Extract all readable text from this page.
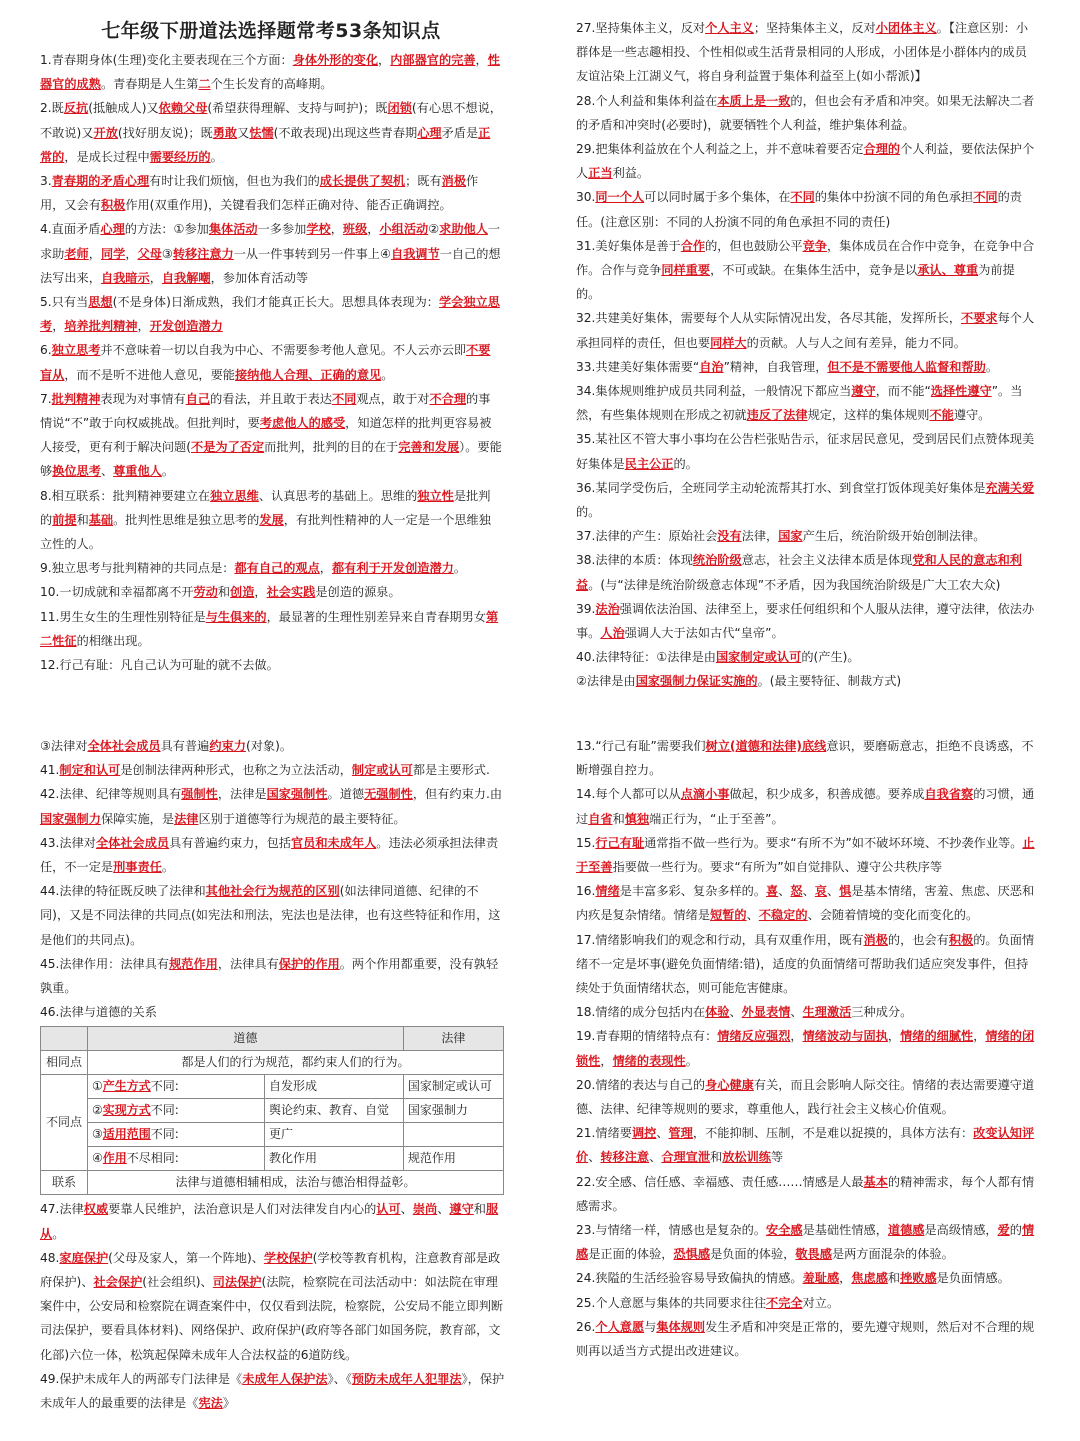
七年级下册道法选择题常考53条知识点

1.青春期身体(生理)变化主要表现在三个方面：身体外形的变化，内部器官的完善，性器官的成熟。青春期是人生第二个生长发育的高峰期。

2.既反抗(抵触成人)又依赖父母(希望获得理解、支持与呵护)；既闭锁(有心思不想说，不敢说)又开放(找好朋友说)；既勇敢又怯懦(不敢表现)出现这些青春期心理矛盾是正常的，是成长过程中需要经历的。

3.青春期的矛盾心理有时让我们烦恼，但也为我们的成长提供了契机；既有消极作用，又会有积极作用(双重作用)，关键看我们怎样正确对待、能否正确调控。

4.直面矛盾心理的方法：①参加集体活动一多参加学校，班级，小组活动②求助他人一求助老师，同学，父母③转移注意力一从一件事转到另一件事上④自我调节一自己的想法写出来，自我暗示，自我解嘲，参加体育活动等

5.只有当思想(不是身体)日渐成熟，我们才能真正长大。思想具体表现为：学会独立思考，培养批判精神，开发创造潜力

6.独立思考并不意味着一切以自我为中心、不需要参考他人意见。不人云亦云即不要盲从，而不是听不进他人意见，要能接纳他人合理、正确的意见。

7.批判精神表现为对事情有自己的看法，并且敢于表达不同观点，敢于对不合理的事情说“不”敢于向权威挑战。但批判时，要考虑他人的感受，知道怎样的批判更容易被人接受，更有利于解决问题(不是为了否定而批判，批判的目的在于完善和发展）。要能够换位思考、尊重他人。

8.相互联系：批判精神要建立在独立思维、认真思考的基础上。思维的独立性是批判的前提和基础。批判性思维是独立思考的发展，有批判性精神的人一定是一个思维独立性的人。

9.独立思考与批判精神的共同点是：都有自己的观点，都有利于开发创造潜力。

10.一切成就和幸福都离不开劳动和创造，社会实践是创造的源泉。

11.男生女生的生理性别特征是与生俱来的，最显著的生理性别差异来自青春期男女第二性征的相继出现。

12.行己有耻：凡自己认为可耻的就不去做。

27.坚持集体主义，反对个人主义；坚持集体主义，反对小团体主义。【注意区别：小群体是一些志趣相投、个性相似或生活背景相同的人形成，小团体是小群体内的成员友谊沾染上江湖义气，将自身利益置于集体利益至上(如小帮派)】

28.个人利益和集体利益在本质上是一致的，但也会有矛盾和冲突。如果无法解决二者的矛盾和冲突时(必要时)，就要牺牲个人利益，维护集体利益。

29.把集体利益放在个人利益之上，并不意味着要否定合理的个人利益，要依法保护个人正当利益。

30.同一个人可以同时属于多个集体，在不同的集体中扮演不同的角色承担不同的责任。(注意区别：不同的人扮演不同的角色承担不同的责任)

31.美好集体是善于合作的，但也鼓励公平竞争，集体成员在合作中竞争，在竞争中合作。合作与竞争同样重要，不可或缺。在集体生活中，竞争是以承认、尊重为前提的。

32.共建美好集体，需要每个人从实际情况出发，各尽其能，发挥所长，不要求每个人承担同样的责任，但也要同样大的贡献。人与人之间有差异，能力不同。

33.共建美好集体需要“自治”精神，自我管理，但不是不需要他人监督和帮助。

34.集体规则维护成员共同利益，一般情况下都应当遵守，而不能“选择性遵守”。当然，有些集体规则在形成之初就违反了法律规定，这样的集体规则不能遵守。

35.某社区不管大事小事均在公告栏张贴告示，征求居民意见，受到居民们点赞体现美好集体是民主公正的。

36.某同学受伤后，全班同学主动轮流帮其打水、到食堂打饭体现美好集体是充满关爱的。

37.法律的产生：原始社会没有法律，国家产生后，统治阶级开始创制法律。

38.法律的本质：体现统治阶级意志，社会主义法律本质是体现党和人民的意志和利益。(与“法律是统治阶级意志体现”不矛盾，因为我国统治阶级是广大工农大众)

39.法治强调依法治国、法律至上，要求任何组织和个人服从法律，遵守法律，依法办事。人治强调人大于法如古代“皇帝”。

40.法律特征：①法律是由国家制定或认可的(产生)。

②法律是由国家强制力保证实施的。(最主要特征、制裁方式)

③法律对全体社会成员具有普遍约束力(对象)。

41.制定和认可是创制法律两种形式，也称之为立法活动，制定或认可都是主要形式.

42.法律、纪律等规则具有强制性，法律是国家强制性。道德无强制性，但有约束力.由国家强制力保障实施，是法律区别于道德等行为规范的最主要特征。

43.法律对全体社会成员具有普遍约束力，包括官员和未成年人。违法必须承担法律责任，不一定是刑事责任。

44.法律的特征既反映了法律和其他社会行为规范的区别(如法律同道德、纪律的不同)，又是不同法律的共同点(如宪法和刑法，宪法也是法律，也有这些特征和作用，这是他们的共同点)。

45.法律作用：法律具有规范作用，法律具有保护的作用。两个作用都重要，没有孰轻孰重。

46.法律与道德的关系

	道德		法律
相同点	都是人们的行为规范，都约束人们的行为。		
不同点	①产生方式不同:	自发形成	国家制定或认可
	②实现方式不同:	舆论约束、教育、自觉	国家强制力
	③适用范围不同:	更广	
	④作用不尽相同:	教化作用	规范作用
联系	法律与道德相辅相成，法治与德治相得益彰。		

47.法律权威要靠人民维护，法治意识是人们对法律发自内心的认可、崇尚、遵守和服从。

48.家庭保护(父母及家人，第一个阵地)、学校保护(学校等教育机构，注意教育部是政府保护)、社会保护(社会组织)、司法保护(法院，检察院在司法活动中：如法院在审理案件中，公安局和检察院在调查案件中，仅仅看到法院，检察院，公安局不能立即判断司法保护，要看具体材料)、网络保护、政府保护(政府等各部门如国务院，教育部，文化部)六位一体，松筑起保障未成年人合法权益的6道防线。

49.保护未成年人的两部专门法律是《未成年人保护法》、《预防未成年人犯罪法》，保护未成年人的最重要的法律是《宪法》

13.“行己有耻”需要我们树立(道德和法律)底线意识，要磨砺意志，拒绝不良诱惑，不断增强自控力。

14.每个人都可以从点滴小事做起，积少成多，积善成德。要养成自我省察的习惯，通过自省和慎独端正行为，“止于至善”。

15.行己有耻通常指不做一些行为。要求“有所不为”如不破坏环境、不抄袭作业等。止于至善指要做一些行为。要求“有所为”如自觉排队、遵守公共秩序等

16.情绪是丰富多彩、复杂多样的。喜、怒、哀、惧是基本情绪，害羞、焦虑、厌恶和内疚是复杂情绪。情绪是短暂的、不稳定的、会随着情境的变化而变化的。

17.情绪影响我们的观念和行动，具有双重作用，既有消极的，也会有积极的。负面情绪不一定是坏事(避免负面情绪:错)，适度的负面情绪可帮助我们适应突发事件，但持续处于负面情绪状态，则可能危害健康。

18.情绪的成分包括内在体验、外显表情、生理激活三种成分。

19.青春期的情绪特点有：情绪反应强烈，情绪波动与固执，情绪的细腻性，情绪的闭锁性，情绪的表现性。

20.情绪的表达与自己的身心健康有关，而且会影响人际交往。情绪的表达需要遵守道德、法律、纪律等规则的要求，尊重他人，践行社会主义核心价值观。

21.情绪要调控、管理，不能抑制、压制，不是难以捉摸的，具体方法有：改变认知评价、转移注意、合理宣泄和放松训练等

22.安全感、信任感、幸福感、责任感……情感是人最基本的精神需求，每个人都有情感需求。

23.与情绪一样，情感也是复杂的。安全感是基础性情感，道德感是高级情感，爱的情感是正面的体验，恐惧感是负面的体验，敬畏感是两方面混杂的体验。

24.狭隘的生活经验容易导致偏执的情感。羞耻感，焦虑感和挫败感是负面情感。

25.个人意愿与集体的共同要求往往不完全对立。

26.个人意愿与集体规则发生矛盾和冲突是正常的，要先遵守规则，然后对不合理的规则再以适当方式提出改进建议。
